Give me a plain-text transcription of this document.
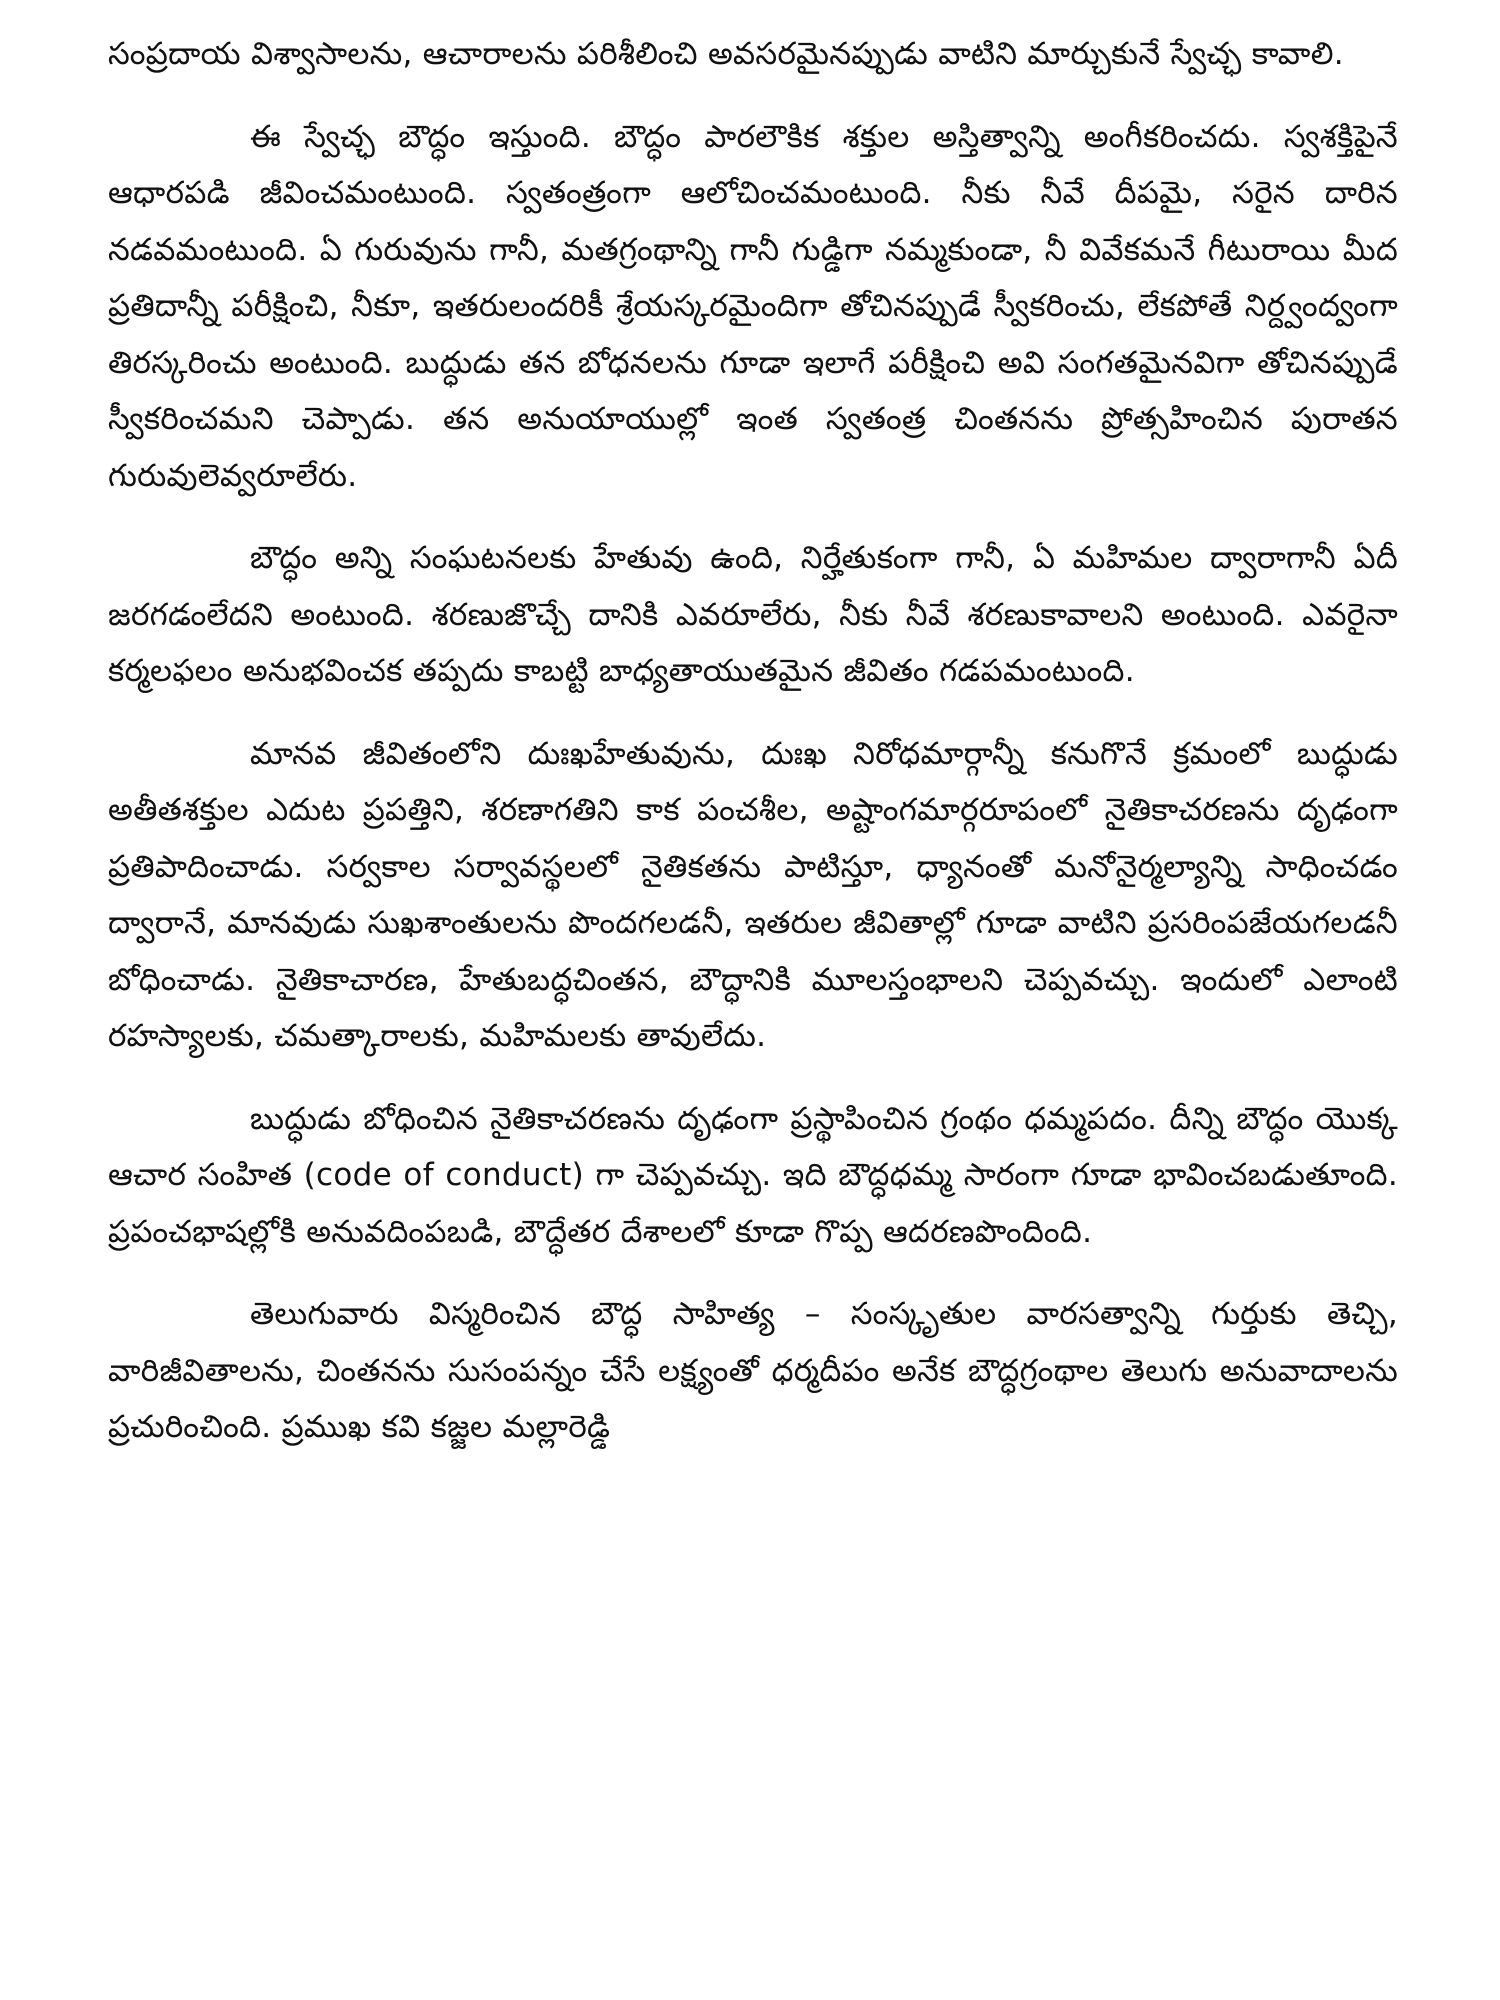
సంప్రదాయ విశ్వాసాలను, ఆచారాలను పరిశీలించి అవసరమైనప్పుడు వాటిని మార్చుకునే స్వేచ్ఛ కావాలి.

ఈ స్వేచ్ఛ బౌద్ధం ఇస్తుంది. బౌద్ధం పారలౌకిక శక్తుల అస్తిత్వాన్ని అంగీకరించదు. స్వశక్తిపైనే ఆధారపడి జీవించమంటుంది. స్వతంత్రంగా ఆలోచించమంటుంది. నీకు నీవే దీపమై, సరైన దారిన నడవమంటుంది. ఏ గురువును గానీ, మతగ్రంథాన్ని గానీ గుడ్డిగా నమ్మకుండా, నీ వివేకమనే గీటురాయి మీద ప్రతిదాన్నీ పరీక్షించి, నీకూ, ఇతరులందరికీ శ్రేయస్కరమైందిగా తోచినప్పుడే స్వీకరించు, లేకపోతే నిర్ద్వంద్వంగా తిరస్కరించు అంటుంది. బుద్ధుడు తన బోధనలను గూడా ఇలాగే పరీక్షించి అవి సంగతమైనవిగా తోచినప్పుడే స్వీకరించమని చెప్పాడు. తన అనుయాయుల్లో ఇంత స్వతంత్ర చింతనను ప్రోత్సహించిన పురాతన గురువులెవ్వరూలేరు.

బౌద్ధం అన్ని సంఘటనలకు హేతువు ఉంది, నిర్హేతుకంగా గానీ, ఏ మహిమల ద్వారాగానీ ఏదీ జరగడంలేదని అంటుంది. శరణుజొచ్చే దానికి ఎవరూలేరు, నీకు నీవే శరణుకావాలని అంటుంది. ఎవరైనా కర్మలఫలం అనుభవించక తప్పదు కాబట్టి బాధ్యతాయుతమైన జీవితం గడపమంటుంది.

మానవ జీవితంలోని దుఃఖహేతువును, దుఃఖ నిరోధమార్గాన్నీ కనుగొనే క్రమంలో బుద్ధుడు అతీతశక్తుల ఎదుట ప్రపత్తిని, శరణాగతిని కాక పంచశీల, అష్టాంగమార్గరూపంలో నైతికాచరణను దృఢంగా ప్రతిపాదించాడు. సర్వకాల సర్వావస్థలలో నైతికతను పాటిస్తూ, ధ్యానంతో మనోనైర్మల్యాన్ని సాధించడం ద్వారానే, మానవుడు సుఖశాంతులను పొందగలడనీ, ఇతరుల జీవితాల్లో గూడా వాటిని ప్రసరింపజేయగలడనీ బోధించాడు. నైతికాచారణ, హేతుబద్ధచింతన, బౌద్ధానికి మూలస్తంభాలని చెప్పవచ్చు. ఇందులో ఎలాంటి రహస్యాలకు, చమత్కారాలకు, మహిమలకు తావులేదు.

బుద్ధుడు బోధించిన నైతికాచరణను దృఢంగా ప్రస్థాపించిన గ్రంథం ధమ్మపదం. దీన్ని బౌద్ధం యొక్క ఆచార సంహిత (code of conduct) గా చెప్పవచ్చు. ఇది బౌద్ధధమ్మ సారంగా గూడా భావించబడుతూంది. ప్రపంచభాషల్లోకి అనువదింపబడి, బౌద్ధేతర దేశాలలో కూడా గొప్ప ఆదరణపొందింది.

తెలుగువారు విస్మరించిన బౌద్ధ సాహిత్య – సంస్కృతుల వారసత్వాన్ని గుర్తుకు తెచ్చి, వారిజీవితాలను, చింతనను సుసంపన్నం చేసే లక్ష్యంతో ధర్మదీపం అనేక బౌద్ధగ్రంథాల తెలుగు అనువాదాలను ప్రచురించింది. ప్రముఖ కవి కజ్జల మల్లారెడ్డి
